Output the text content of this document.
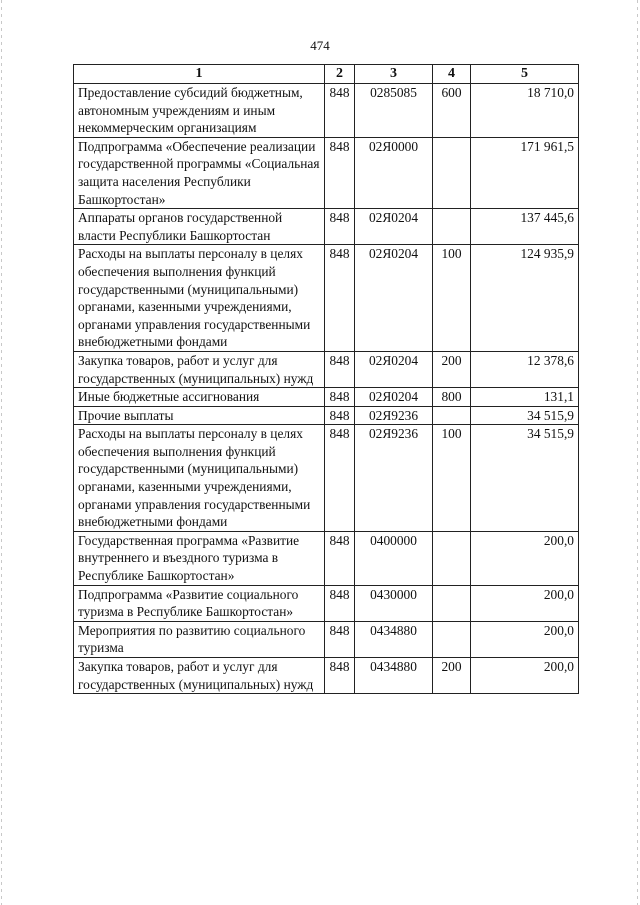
474
1	2	3	4	5
Предоставление субсидий бюджетным, автономным учреждениям и иным некоммерческим организациям	848	0285085	600	18 710,0
Подпрограмма «Обеспечение реализации государственной программы «Социальная защита населения Республики Башкортостан»	848	02Я0000		171 961,5
Аппараты органов государственной власти Республики Башкортостан	848	02Я0204		137 445,6
Расходы на выплаты персоналу в целях обеспечения выполнения функций государственными (муниципальными) органами, казенными учреждениями, органами управления государственными внебюджетными фондами	848	02Я0204	100	124 935,9
Закупка товаров, работ и услуг для государственных (муниципальных) нужд	848	02Я0204	200	12 378,6
Иные бюджетные ассигнования	848	02Я0204	800	131,1
Прочие выплаты	848	02Я9236		34 515,9
Расходы на выплаты персоналу в целях обеспечения выполнения функций государственными (муниципальными) органами, казенными учреждениями, органами управления государственными внебюджетными фондами	848	02Я9236	100	34 515,9
Государственная программа «Развитие внутреннего и въездного туризма в Республике Башкортостан»	848	0400000		200,0
Подпрограмма «Развитие социального туризма в Республике Башкортостан»	848	0430000		200,0
Мероприятия по развитию социального туризма	848	0434880		200,0
Закупка товаров, работ и услуг для государственных (муниципальных) нужд	848	0434880	200	200,0
